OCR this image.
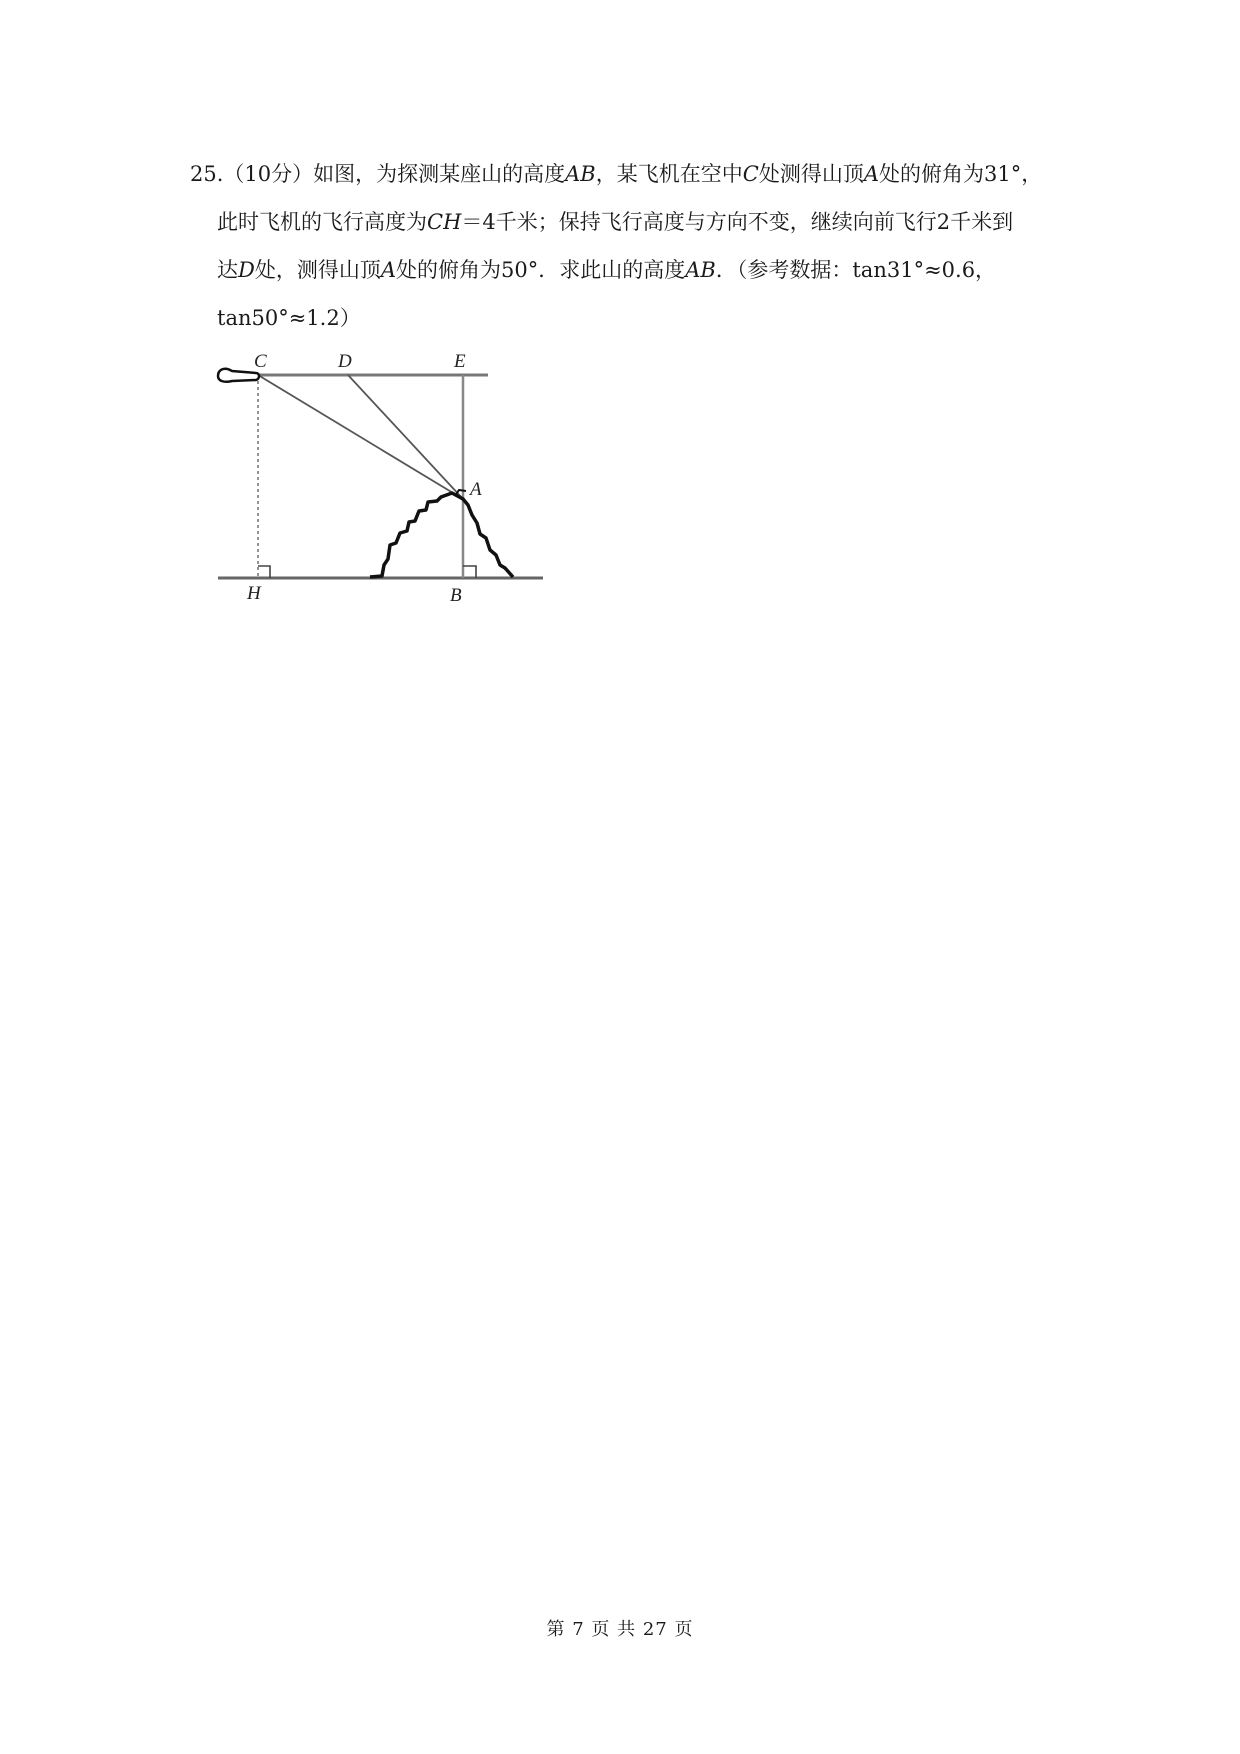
25.（10分）如图，为探测某座山的高度AB，某飞机在空中C处测得山顶A处的俯角为31°，
此时飞机的飞行高度为CH＝4千米；保持飞行高度与方向不变，继续向前飞行2千米到
达D处，测得山顶A处的俯角为50°．求此山的高度AB．（参考数据：tan31°≈0.6，
tan50°≈1.2）
C	D	E
A
H	B
第 7 页 共 27 页
